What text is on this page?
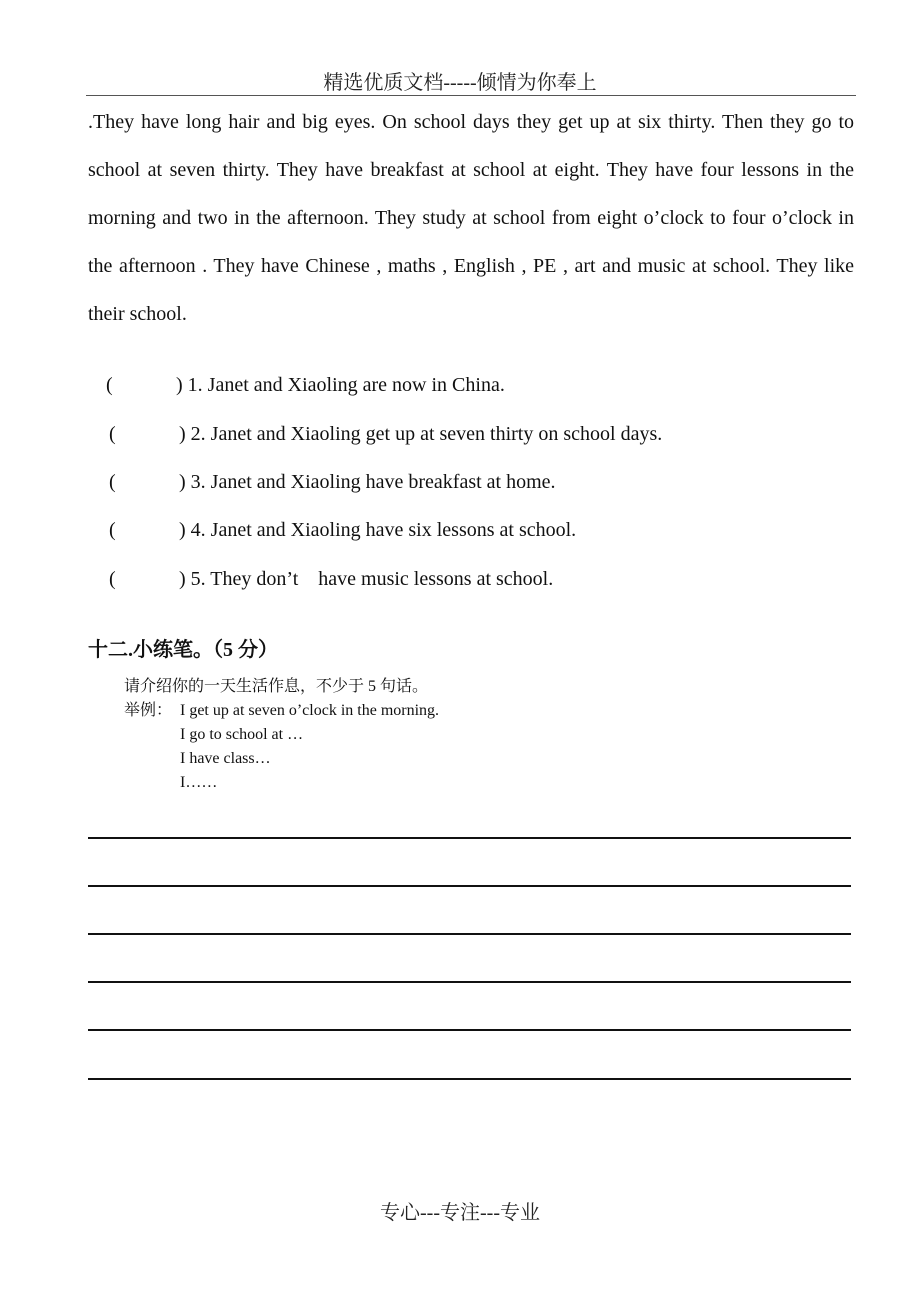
精选优质文档-----倾情为你奉上

.They have long hair and big eyes. On school days they get up at six thirty. Then they go to school at seven thirty. They have breakfast at school at eight. They have four lessons in the morning and two in the afternoon. They study at school from eight o’clock to four o’clock in the afternoon . They have Chinese , maths , English , PE , art and music at school. They like their school.

(	) 1. Janet and Xiaoling are now in China.
(	) 2. Janet and Xiaoling get up at seven thirty on school days.
(	) 3. Janet and Xiaoling have breakfast at home.
(	) 4. Janet and Xiaoling have six lessons at school.
(	) 5. They don’t    have music lessons at school.
十二.小练笔。（5 分）
请介绍你的一天生活作息，不少于 5 句话。
举例： I get up at seven o’clock in the morning.
I go to school at …
I have class…
I……
专心---专注---专业
